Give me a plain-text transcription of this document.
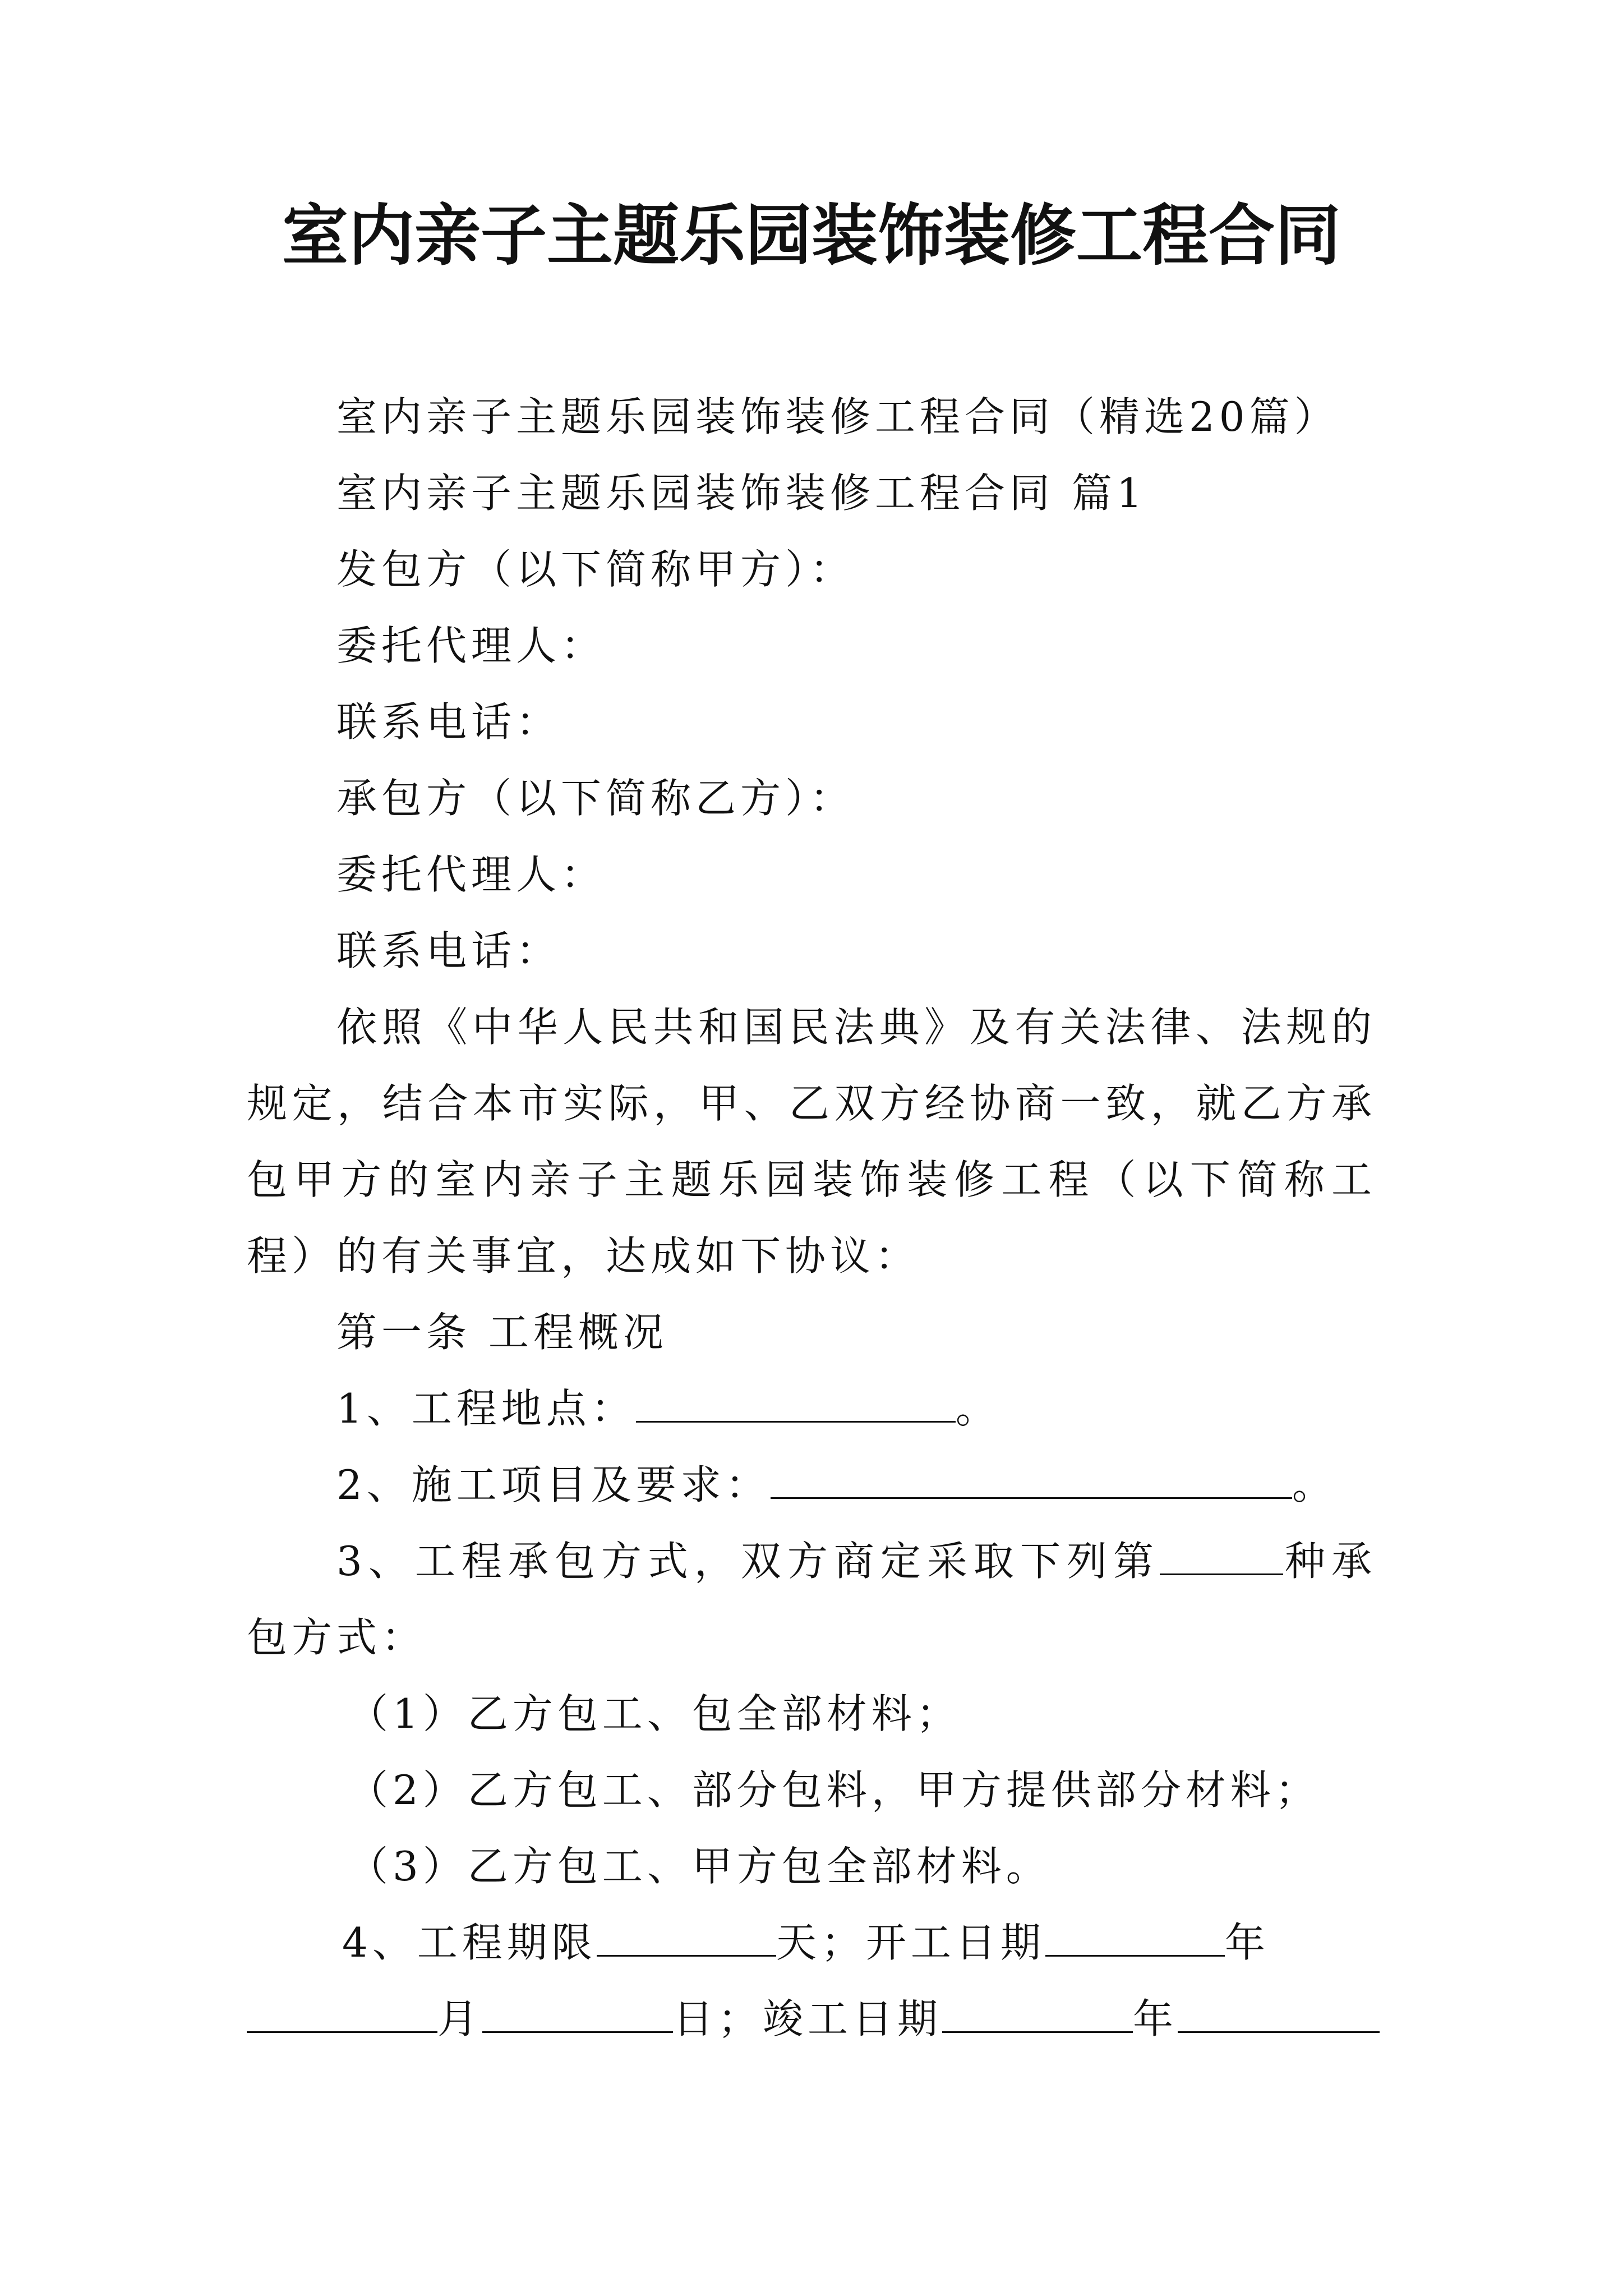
室内亲子主题乐园装饰装修工程合同

室内亲子主题乐园装饰装修工程合同（精选20篇）

室内亲子主题乐园装饰装修工程合同 篇1

发包方（以下简称甲方）：

委托代理人：

联系电话：

承包方（以下简称乙方）：

委托代理人：

联系电话：

依照《中华人民共和国民法典》及有关法律、法规的规定，结合本市实际，甲、乙双方经协商一致，就乙方承包甲方的室内亲子主题乐园装饰装修工程（以下简称工程）的有关事宜，达成如下协议：

第一条 工程概况

1、工程地点：	。

2、施工项目及要求：	。

3、工程承包方式，双方商定采取下列第	种承包方式：

（1）乙方包工、包全部材料；

（2）乙方包工、部分包料，甲方提供部分材料；

（3）乙方包工、甲方包全部材料。

4、工程期限	天；开工日期	年

月	日；竣工日期	年
